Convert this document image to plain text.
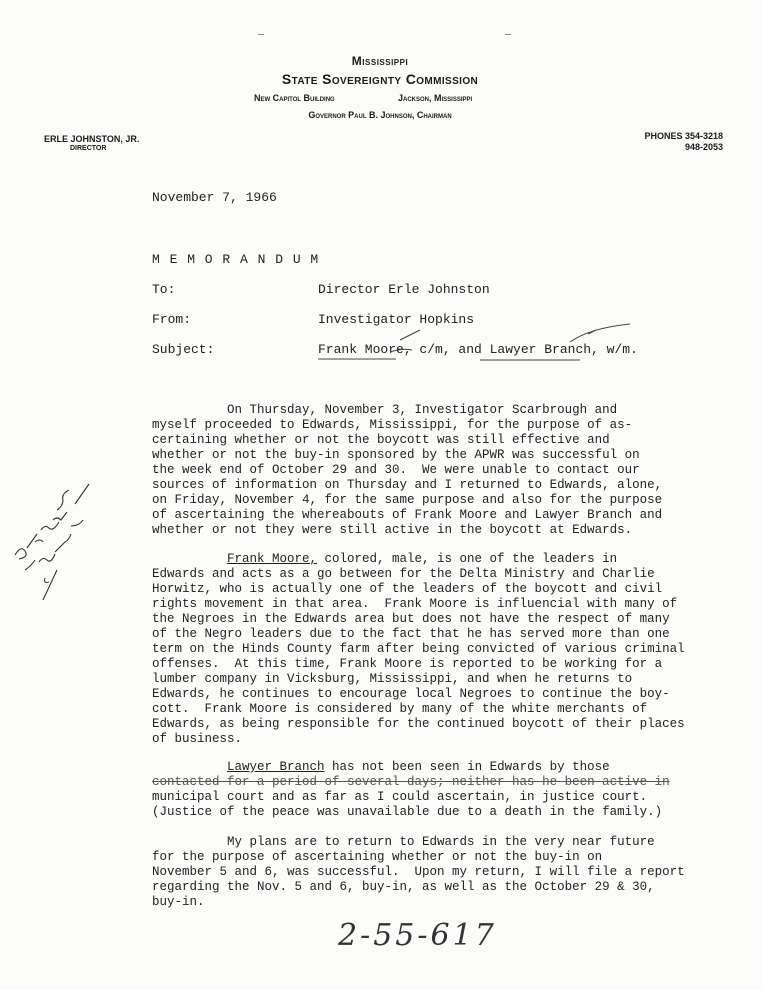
Mississippi
State Sovereignty Commission
New Capitol Building	Jackson, Mississippi
Governor Paul B. Johnson, Chairman
ERLE JOHNSTON, JR.
DIRECTOR
PHONES 354-3218
948-2053
—	—
November 7, 1966
M E M O R A N D U M
To:	Director Erle Johnston
From:	Investigator Hopkins
Subject:	Frank Moore, c/m, and Lawyer Branch, w/m.
On Thursday, November 3, Investigator Scarbrough and
myself proceeded to Edwards, Mississippi, for the purpose of as-
certaining whether or not the boycott was still effective and
whether or not the buy-in sponsored by the APWR was successful on
the week end of October 29 and 30.  We were unable to contact our
sources of information on Thursday and I returned to Edwards, alone,
on Friday, November 4, for the same purpose and also for the purpose
of ascertaining the whereabouts of Frank Moore and Lawyer Branch and
whether or not they were still active in the boycott at Edwards.
Frank Moore, colored, male, is one of the leaders in
Edwards and acts as a go between for the Delta Ministry and Charlie
Horwitz, who is actually one of the leaders of the boycott and civil
rights movement in that area.  Frank Moore is influencial with many of
the Negroes in the Edwards area but does not have the respect of many
of the Negro leaders due to the fact that he has served more than one
term on the Hinds County farm after being convicted of various criminal
offenses.  At this time, Frank Moore is reported to be working for a
lumber company in Vicksburg, Mississippi, and when he returns to
Edwards, he continues to encourage local Negroes to continue the boy-
cott.  Frank Moore is considered by many of the white merchants of
Edwards, as being responsible for the continued boycott of their places
of business.
Lawyer Branch has not been seen in Edwards by those
contacted for a period of several days; neither has he been active in
municipal court and as far as I could ascertain, in justice court.
(Justice of the peace was unavailable due to a death in the family.)
My plans are to return to Edwards in the very near future
for the purpose of ascertaining whether or not the buy-in on
November 5 and 6, was successful.  Upon my return, I will file a report
regarding the Nov. 5 and 6, buy-in, as well as the October 29 & 30,
buy-in.
2-55-617
